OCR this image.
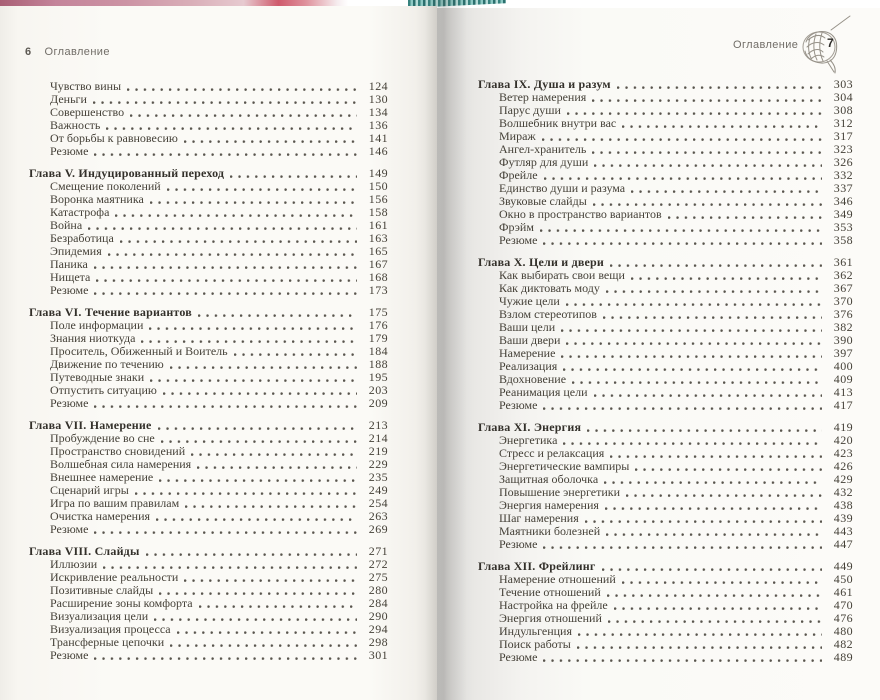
6 Оглавление
Оглавление 7
Чувство вины	124
Деньги	130
Совершенство	134
Важность	136
От борьбы к равновесию	141
Резюме	146
Глава V. Индуцированный переход	149
Смещение поколений	150
Воронка маятника	156
Катастрофа	158
Война	161
Безработица	163
Эпидемия	165
Паника	167
Нищета	168
Резюме	173
Глава VI. Течение вариантов	175
Поле информации	176
Знания ниоткуда	179
Проситель, Обиженный и Воитель	184
Движение по течению	188
Путеводные знаки	195
Отпустить ситуацию	203
Резюме	209
Глава VII. Намерение	213
Пробуждение во сне	214
Пространство сновидений	219
Волшебная сила намерения	229
Внешнее намерение	235
Сценарий игры	249
Игра по вашим правилам	254
Очистка намерения	263
Резюме	269
Глава VIII. Слайды	271
Иллюзии	272
Искривление реальности	275
Позитивные слайды	280
Расширение зоны комфорта	284
Визуализация цели	290
Визуализация процесса	294
Трансферные цепочки	298
Резюме	301
Глава IX. Душа и разум	303
Ветер намерения	304
Парус души	308
Волшебник внутри вас	312
Мираж	317
Ангел-хранитель	323
Футляр для души	326
Фрейле	332
Единство души и разума	337
Звуковые слайды	346
Окно в пространство вариантов	349
Фрэйм	353
Резюме	358
Глава X. Цели и двери	361
Как выбирать свои вещи	362
Как диктовать моду	367
Чужие цели	370
Взлом стереотипов	376
Ваши цели	382
Ваши двери	390
Намерение	397
Реализация	400
Вдохновение	409
Реанимация цели	413
Резюме	417
Глава XI. Энергия	419
Энергетика	420
Стресс и релаксация	423
Энергетические вампиры	426
Защитная оболочка	429
Повышение энергетики	432
Энергия намерения	438
Шаг намерения	439
Маятники болезней	443
Резюме	447
Глава XII. Фрейлинг	449
Намерение отношений	450
Течение отношений	461
Настройка на фрейле	470
Энергия отношений	476
Индульгенция	480
Поиск работы	482
Резюме	489
